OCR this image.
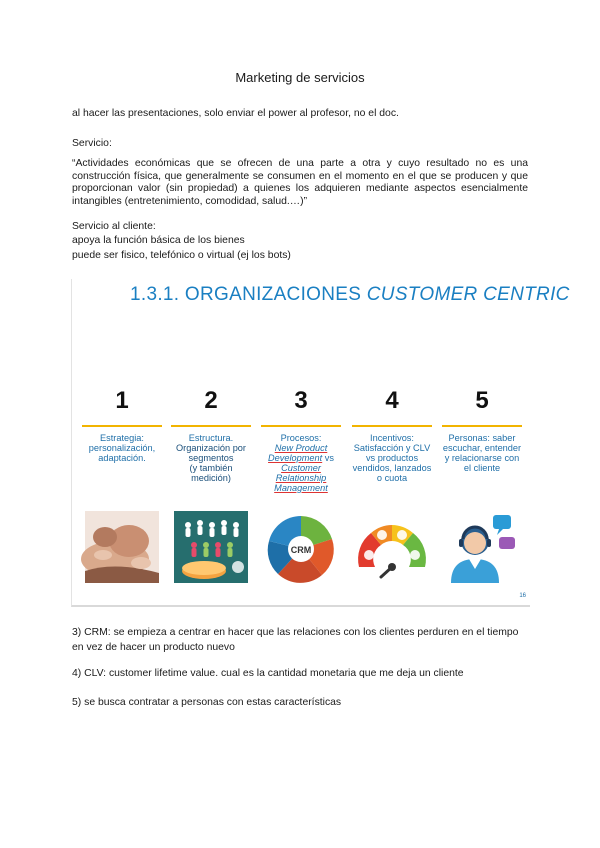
Marketing de servicios
al hacer las presentaciones, solo enviar el power al profesor, no el doc.
Servicio:
“Actividades económicas que se ofrecen de una parte a otra y cuyo resultado no es una construcción física, que generalmente se consumen en el momento en el que se producen y que proporcionan valor (sin propiedad) a quienes los adquieren mediante aspectos esencialmente intangibles (entretenimiento, comodidad, salud.…)”
Servicio al cliente:
apoya la función básica de los bienes
puede ser fisico, telefónico o virtual (ej los bots)
1.3.1. ORGANIZACIONES CUSTOMER CENTRIC
1
Estrategia: personalización, adaptación.
2
Estructura.
Organización por segmentos
(y también medición)
3
Procesos:
New Product Development vs Customer Relationship Management
CRM
4
Incentivos: Satisfacción y CLV vs productos vendidos, lanzados o cuota
5
Personas: saber escuchar, entender y relacionarse con el cliente
16
3) CRM: se empieza a centrar en hacer que las relaciones con los clientes perduren en el tiempo en vez de hacer un producto nuevo
4) CLV: customer lifetime value. cual es la cantidad monetaria que me deja un cliente
5) se busca contratar a personas con estas características
